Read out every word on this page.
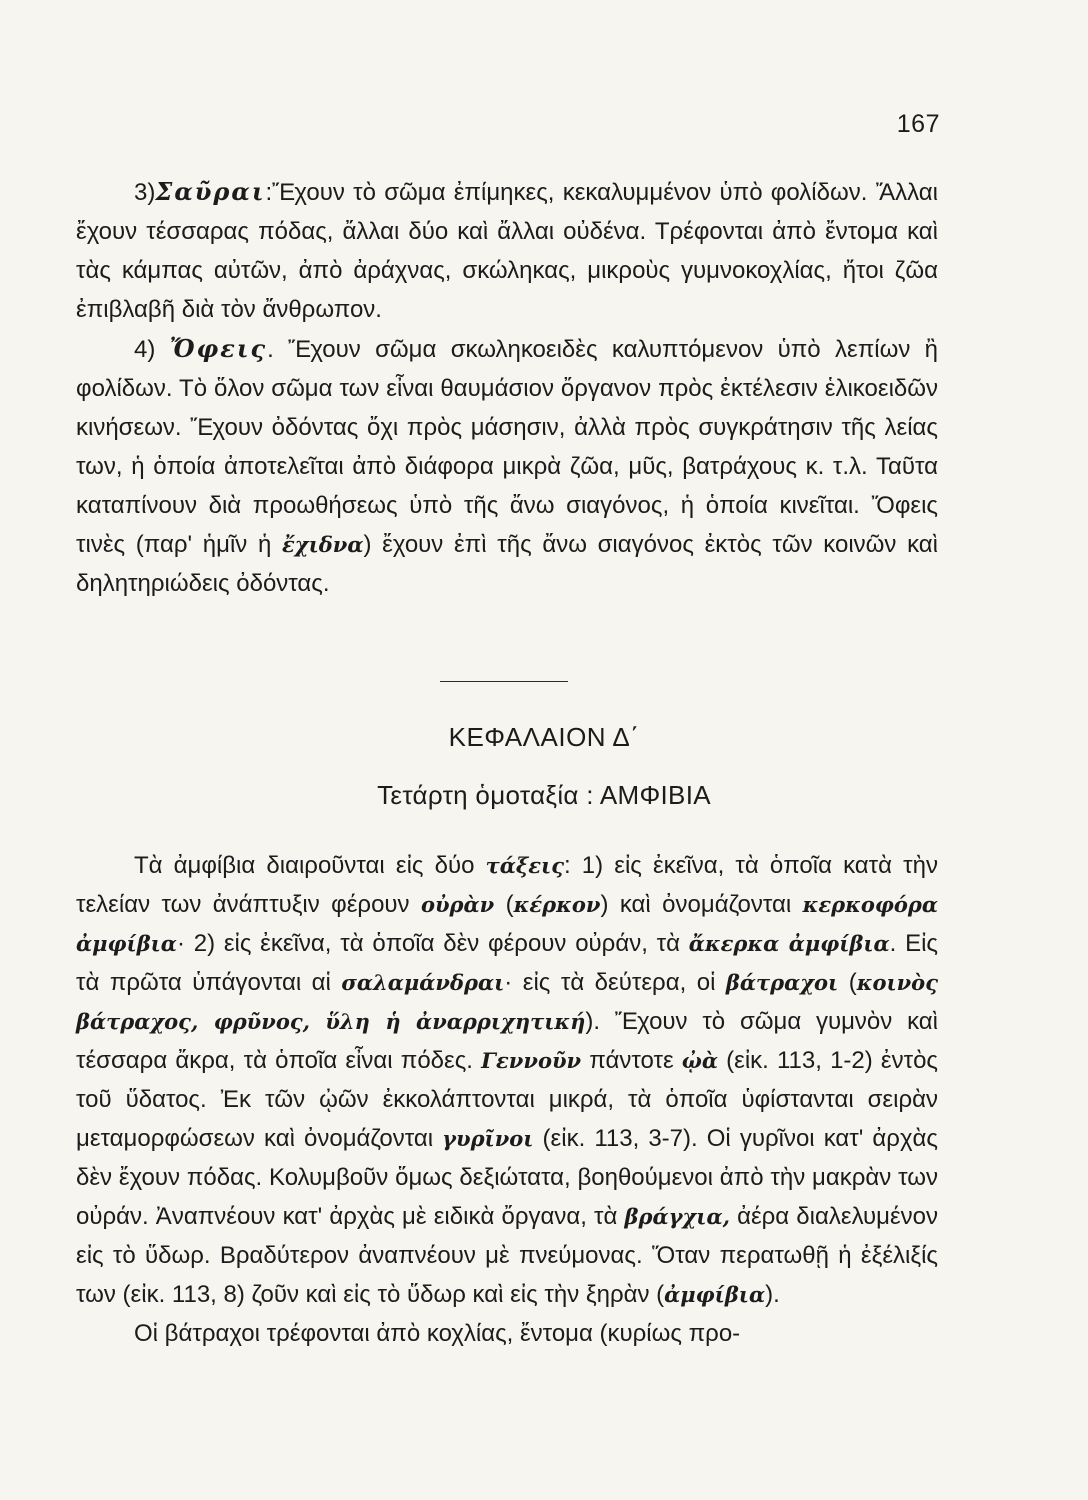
167

3)Σαῦραι:Ἔχουν τὸ σῶμα ἐπίμηκες, κεκαλυμμένον ὑπὸ φολίδων. Ἄλλαι ἔχουν τέσσαρας πόδας, ἄλλαι δύο καὶ ἄλλαι οὐδένα. Τρέφονται ἀπὸ ἔντομα καὶ τὰς κάμπας αὐτῶν, ἀπὸ ἀράχνας, σκώληκας, μικροὺς γυμνοκοχλίας, ἤτοι ζῶα ἐπιβλαβῆ διὰ τὸν ἄνθρωπον.

4) Ὄφεις. Ἔχουν σῶμα σκωληκοειδὲς καλυπτόμενον ὑπὸ λεπίων ἢ φολίδων. Τὸ ὅλον σῶμα των εἶναι θαυμάσιον ὄργανον πρὸς ἐκτέλεσιν ἑλικοειδῶν κινήσεων. Ἔχουν ὀδόντας ὄχι πρὸς μάσησιν, ἀλλὰ πρὸς συγκράτησιν τῆς λείας των, ἡ ὁποία ἀποτελεῖται ἀπὸ διάφορα μικρὰ ζῶα, μῦς, βατράχους κ. τ.λ. Ταῦτα καταπίνουν διὰ προωθήσεως ὑπὸ τῆς ἄνω σιαγόνος, ἡ ὁποία κινεῖται. Ὄφεις τινὲς (παρ' ἡμῖν ἡ ἔχιδνα) ἔχουν ἐπὶ τῆς ἄνω σιαγόνος ἐκτὸς τῶν κοινῶν καὶ δηλητηριώδεις ὀδόντας.

ΚΕΦΑΛΑΙΟΝ Δ΄
Τετάρτη ὁμοταξία : ΑΜΦΙΒΙΑ

Τὰ ἀμφίβια διαιροῦνται εἰς δύο τάξεις: 1) εἰς ἐκεῖνα, τὰ ὁποῖα κατὰ τὴν τελείαν των ἀνάπτυξιν φέρουν οὐρὰν (κέρκον) καὶ ὀνομάζονται κερκοφόρα ἀμφίβια· 2) εἰς ἐκεῖνα, τὰ ὁποῖα δὲν φέρουν οὐράν, τὰ ἄκερκα ἀμφίβια. Εἰς τὰ πρῶτα ὑπάγονται αἱ σαλαμάνδραι· εἰς τὰ δεύτερα, οἱ βάτραχοι (κοινὸς βάτραχος, φρῦνος, ὕλη ἡ ἀναρριχητική). Ἔχουν τὸ σῶμα γυμνὸν καὶ τέσσαρα ἄκρα, τὰ ὁποῖα εἶναι πόδες. Γεννοῦν πάντοτε ᾠὰ (εἰκ. 113, 1-2) ἐντὸς τοῦ ὕδατος. Ἐκ τῶν ᾠῶν ἐκκολάπτονται μικρά, τὰ ὁποῖα ὑφίστανται σειρὰν μεταμορφώσεων καὶ ὀνομάζονται γυρῖνοι (εἰκ. 113, 3-7). Οἱ γυρῖνοι κατ' ἀρχὰς δὲν ἔχουν πόδας. Κολυμβοῦν ὅμως δεξιώτατα, βοηθούμενοι ἀπὸ τὴν μακρὰν των οὐράν. Ἀναπνέουν κατ' ἀρχὰς μὲ ειδικὰ ὄργανα, τὰ βράγχια, ἀέρα διαλελυμένον εἰς τὸ ὕδωρ. Βραδύτερον ἀναπνέουν μὲ πνεύμονας. Ὅταν περατωθῇ ἡ ἐξέλιξίς των (εἰκ. 113, 8) ζοῦν καὶ εἰς τὸ ὕδωρ καὶ εἰς τὴν ξηρὰν (ἀμφίβια).

Οἱ βάτραχοι τρέφονται ἀπὸ κοχλίας, ἔντομα (κυρίως προ-
